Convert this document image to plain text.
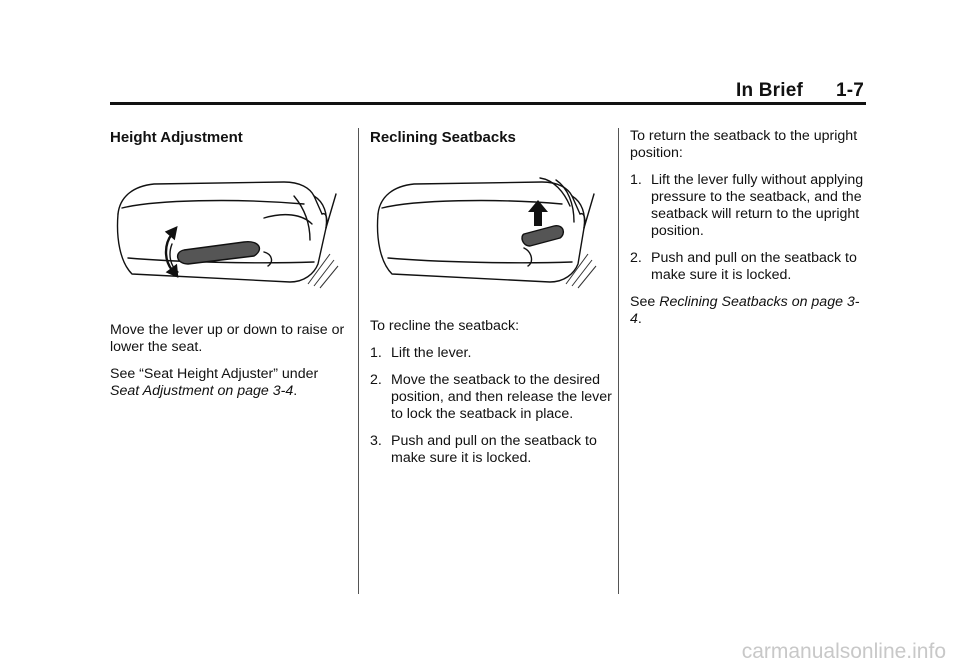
In Brief 1-7
Height Adjustment

Move the lever up or down to raise or lower the seat.

See “Seat Height Adjuster” under Seat Adjustment on page 3-4.

Reclining Seatbacks

To recline the seatback:

1. Lift the lever.
2. Move the seatback to the desired position, and then release the lever to lock the seatback in place.
3. Push and pull on the seatback to make sure it is locked.

To return the seatback to the upright position:

1. Lift the lever fully without applying pressure to the seatback, and the seatback will return to the upright position.
2. Push and pull on the seatback to make sure it is locked.

See Reclining Seatbacks on page 3-4.

carmanualsonline.info
